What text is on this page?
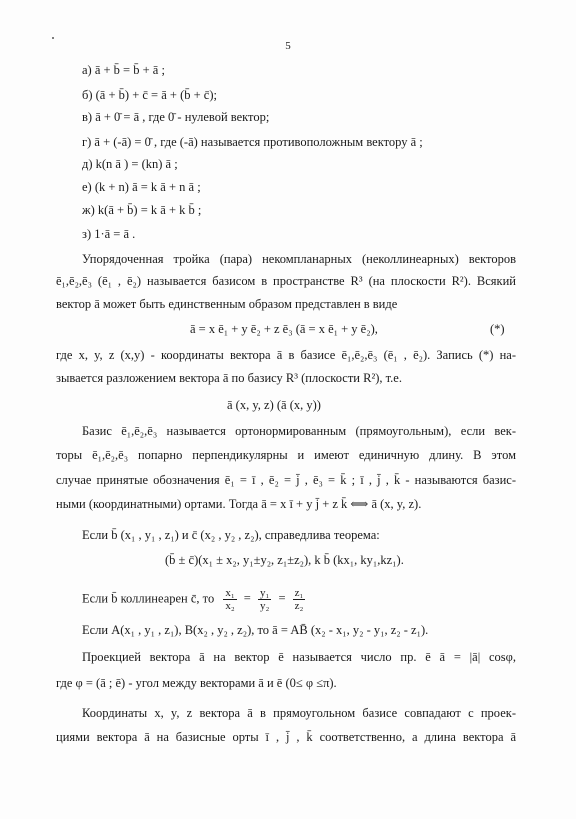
5
а) ā + b̄ = b̄ + ā ;
б) (ā + b̄) + c̄ = ā + (b̄ + c̄);
в) ā + 0̄ = ā , где 0̄ - нулевой вектор;
г) ā + (-ā) = 0̄ , где (-ā) называется противоположным вектору ā ;
д) k(n ā ) = (kn) ā ;
е) (k + n) ā = k ā + n ā ;
ж) k(ā + b̄) = k ā + k b̄ ;
з) 1·ā = ā .
Упорядоченная тройка (пара) некомпланарных (неколлинеарных) векторов
ē₁,ē₂,ē₃ (ē₁ , ē₂) называется базисом в пространстве R³ (на плоскости R²). Всякий
вектор ā может быть единственным образом представлен в виде
ā = x ē₁ + y ē₂ + z ē₃ (ā = x ē₁ + y ē₂),	(*)
где x, y, z (x,y) - координаты вектора ā в базисе ē₁,ē₂,ē₃ (ē₁ , ē₂). Запись (*) на-
зывается разложением вектора ā по базису R³ (плоскости R²), т.е.
ā (x, y, z) (ā (x, y))
Базис ē₁,ē₂,ē₃ называется ортонормированным (прямоугольным), если век-
торы ē₁,ē₂,ē₃ попарно перпендикулярны и имеют единичную длину. В этом
случае принятые обозначения ē₁ = ī , ē₂ = j̄ , ē₃ = k̄ ; ī , j̄ , k̄ - называются базис-
ными (координатными) ортами. Тогда ā = x ī + y j̄ + z k̄ ⟺ ā (x, y, z).
Если b̄ (x₁ , y₁ , z₁) и c̄ (x₂ , y₂ , z₂), справедлива теорема:
(b̄ ± c̄)(x₁ ± x₂, y₁±y₂, z₁±z₂), k b̄ (kx₁, ky₁,kz₁).
Если b̄ коллинеарен c̄, то $\frac{\text{x₁}}{\text{x₂}} = \frac{\text{y₁}}{\text{y₂}} = \frac{\text{z₁}}{\text{z₂}}$
Если A(x₁ , y₁ , z₁), B(x₂ , y₂ , z₂), то ā = AB̄ (x₂ - x₁, y₂ - y₁, z₂ - z₁).
Проекцией вектора ā на вектор ē называется число пр. ē ā = |ā| cosφ,
где φ = (ā ; ē) - угол между векторами ā и ē (0≤ φ ≤π).
Координаты x, y, z вектора ā в прямоугольном базисе совпадают с проек-
циями вектора ā на базисные орты ī , j̄ , k̄ соответственно, а длина вектора ā
